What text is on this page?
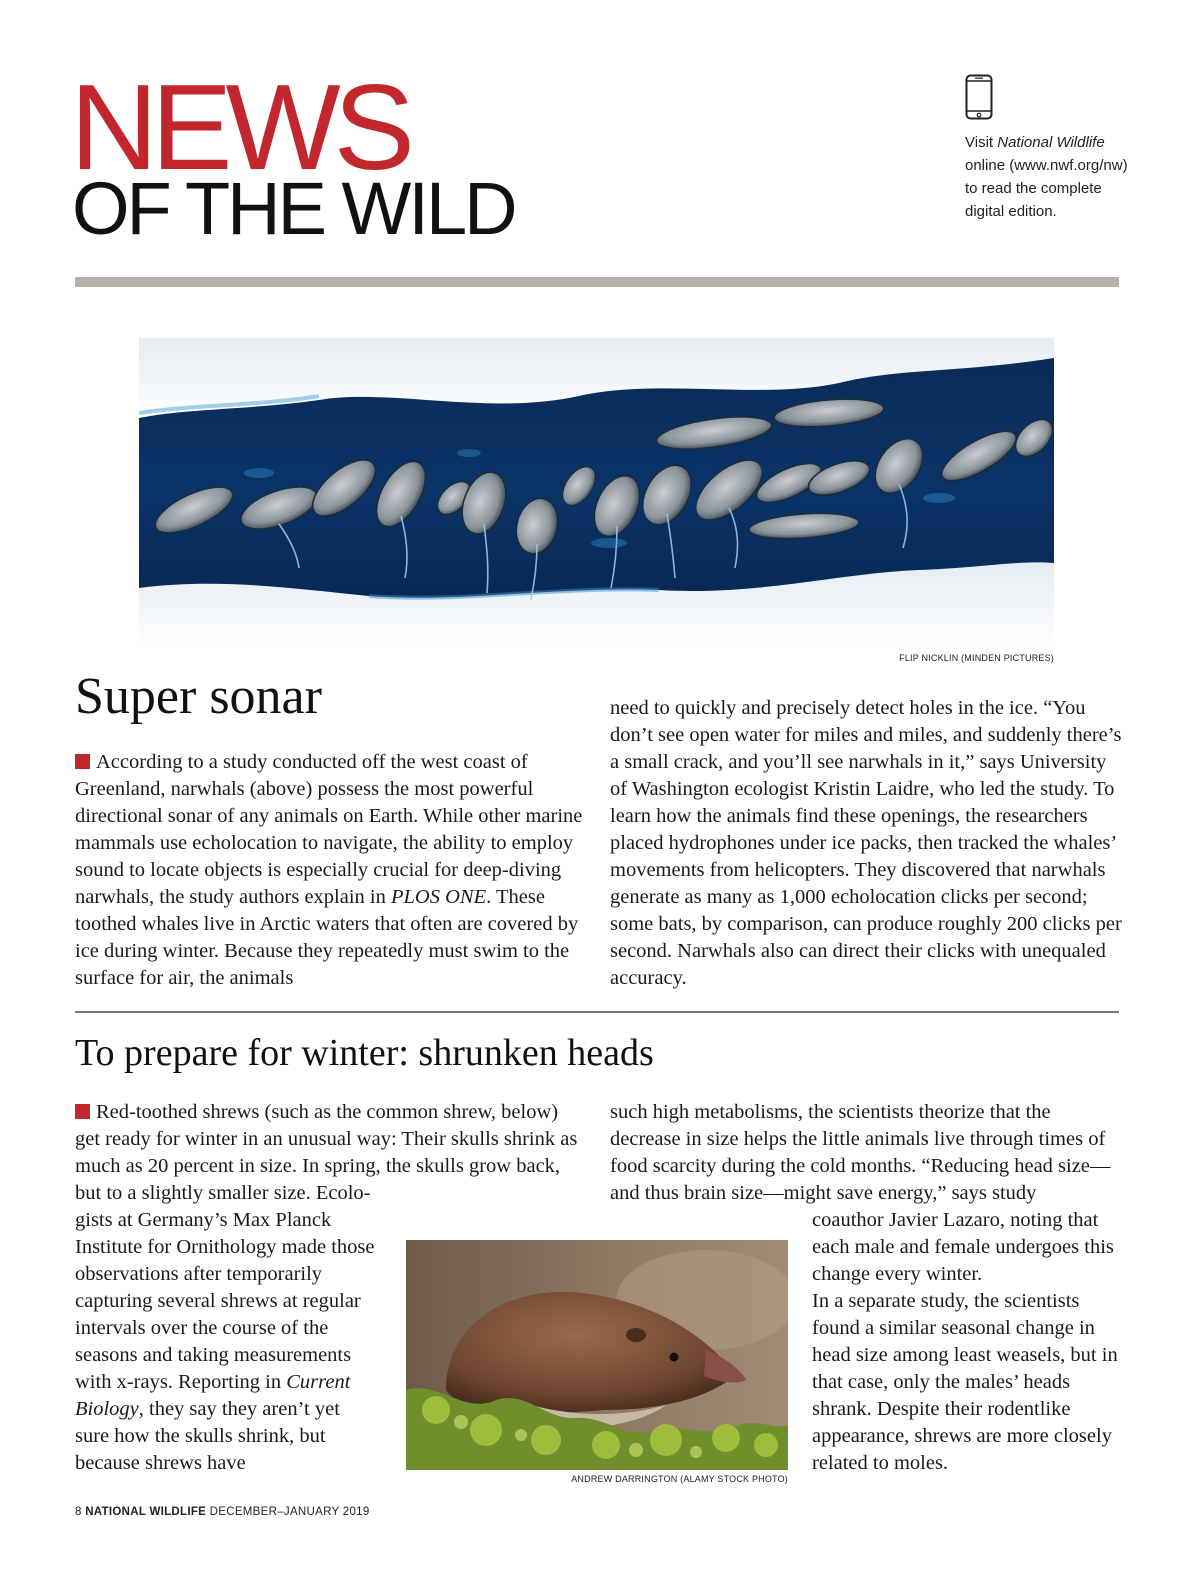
NEWS
OF THE WILD
Visit National Wildlife online (www.nwf.org/nw) to read the complete digital edition.
FLIP NICKLIN (MINDEN PICTURES)
Super sonar

According to a study conducted off the west coast of Greenland, narwhals (above) possess the most powerful directional sonar of any animals on Earth. While other marine mammals use echolocation to navigate, the ability to employ sound to locate objects is especially crucial for deep-diving narwhals, the study authors explain in PLOS ONE. These toothed whales live in Arctic waters that often are covered by ice during winter. Because they repeatedly must swim to the surface for air, the animals

need to quickly and precisely detect holes in the ice. “You don’t see open water for miles and miles, and suddenly there’s a small crack, and you’ll see narwhals in it,” says University of Washington ecologist Kristin Laidre, who led the study. To learn how the animals find these openings, the researchers placed hydrophones under ice packs, then tracked the whales’ movements from helicopters. They discovered that narwhals generate as many as 1,000 echolocation clicks per second; some bats, by comparison, can produce roughly 200 clicks per second. Narwhals also can direct their clicks with unequaled accuracy.

To prepare for winter: shrunken heads

Red-toothed shrews (such as the common shrew, below) get ready for winter in an unusual way: Their skulls shrink as much as 20 percent in size. In spring, the skulls grow back, but to a slightly smaller size. Ecolo-

gists at Germany’s Max Planck Institute for Ornithology made those observations after temporarily capturing several shrews at regular intervals over the course of the seasons and taking measurements with x-rays. Reporting in Current Biology, they say they aren’t yet sure how the skulls shrink, but because shrews have

such high metabolisms, the scientists theorize that the decrease in size helps the little animals live through times of food scarcity during the cold months. “Reducing head size—and thus brain size—might save energy,” says study

coauthor Javier Lazaro, noting that each male and female undergoes this change every winter.

In a separate study, the scientists found a similar seasonal change in head size among least weasels, but in that case, only the males’ heads shrank. Despite their rodentlike appearance, shrews are more closely related to moles.

ANDREW DARRINGTON (ALAMY STOCK PHOTO)
8 NATIONAL WILDLIFE DECEMBER–JANUARY 2019
